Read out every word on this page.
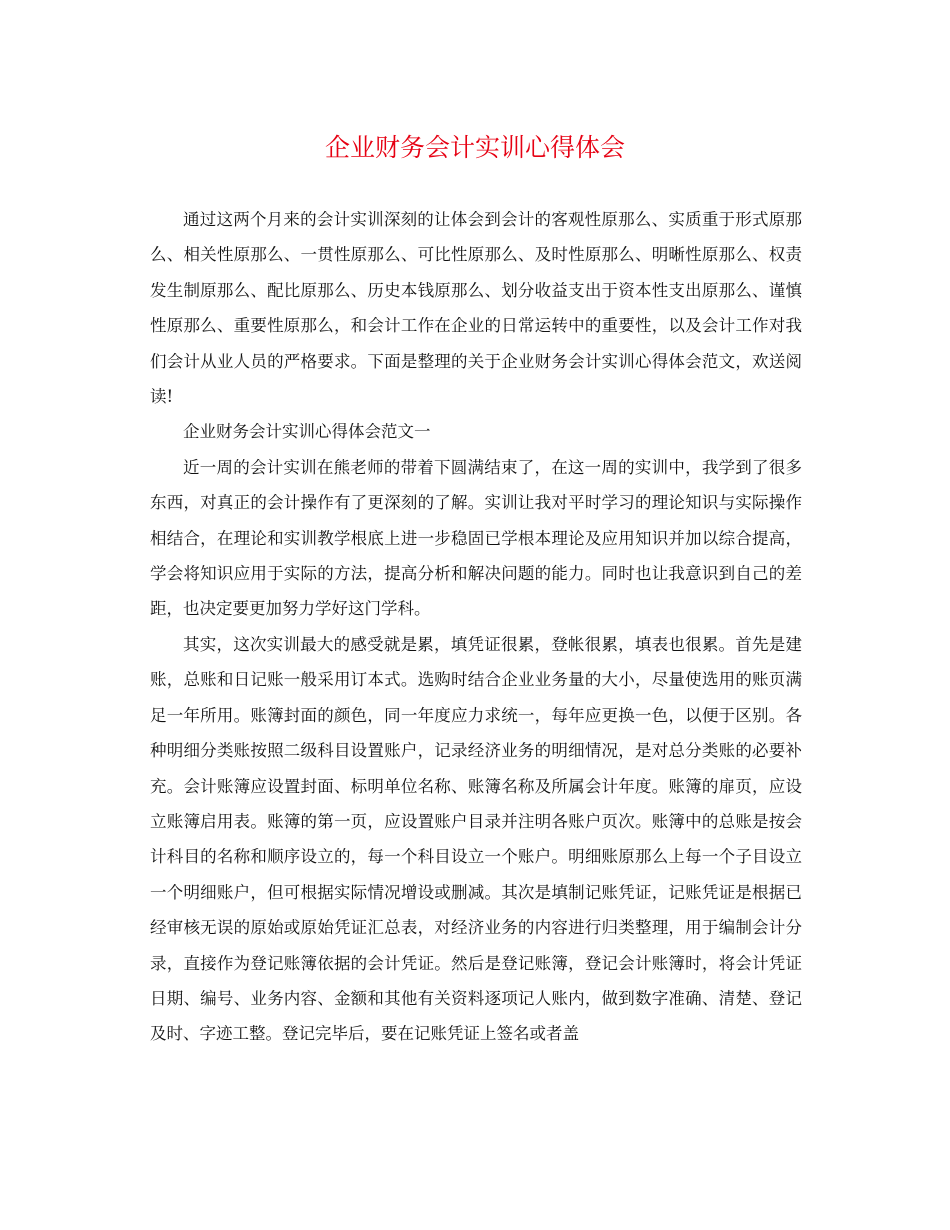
企业财务会计实训心得体会

通过这两个月来的会计实训深刻的让体会到会计的客观性原那么、实质重于形式原那么、相关性原那么、一贯性原那么、可比性原那么、及时性原那么、明晰性原那么、权责发生制原那么、配比原那么、历史本钱原那么、划分收益支出于资本性支出原那么、谨慎性原那么、重要性原那么，和会计工作在企业的日常运转中的重要性，以及会计工作对我们会计从业人员的严格要求。下面是整理的关于企业财务会计实训心得体会范文，欢送阅读!

企业财务会计实训心得体会范文一

近一周的会计实训在熊老师的带着下圆满结束了，在这一周的实训中，我学到了很多东西，对真正的会计操作有了更深刻的了解。实训让我对平时学习的理论知识与实际操作相结合，在理论和实训教学根底上进一步稳固已学根本理论及应用知识并加以综合提高，学会将知识应用于实际的方法，提高分析和解决问题的能力。同时也让我意识到自己的差距，也决定要更加努力学好这门学科。

其实，这次实训最大的感受就是累，填凭证很累，登帐很累，填表也很累。首先是建账，总账和日记账一般采用订本式。选购时结合企业业务量的大小，尽量使选用的账页满足一年所用。账簿封面的颜色，同一年度应力求统一，每年应更换一色，以便于区别。各种明细分类账按照二级科目设置账户，记录经济业务的明细情况，是对总分类账的必要补充。会计账簿应设置封面、标明单位名称、账簿名称及所属会计年度。账簿的扉页，应设立账簿启用表。账簿的第一页，应设置账户目录并注明各账户页次。账簿中的总账是按会计科目的名称和顺序设立的，每一个科目设立一个账户。明细账原那么上每一个子目设立一个明细账户，但可根据实际情况增设或删减。其次是填制记账凭证，记账凭证是根据已经审核无误的原始或原始凭证汇总表，对经济业务的内容进行归类整理，用于编制会计分录，直接作为登记账簿依据的会计凭证。然后是登记账簿，登记会计账簿时，将会计凭证日期、编号、业务内容、金额和其他有关资料逐项记人账内，做到数字准确、清楚、登记及时、字迹工整。登记完毕后，要在记账凭证上签名或者盖
